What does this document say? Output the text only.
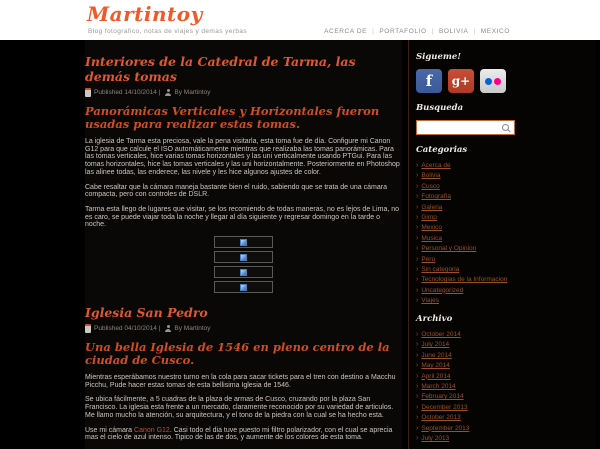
Martintoy
Blog fotografico, notas de viajes y demas yerbas	ACERCA DE | PORTAFOLIO | BOLIVIA | MEXICO
Interiores de la Catedral de Tarma, las demás tomas
Published 14/10/2014 | By Martintoy
Panorámicas Verticales y Horizontales fueron usadas para realizar estas tomas.

La iglesia de Tarma esta preciosa, vale la pena visitarla, esta toma fue de día. Configure mi Canon G12 para que calcule el ISO automáticamente mientras que realizaba las tomas panorámicas. Para las tomas verticales, hice varias tomas horizontales y las uni verticalmente usando PTGui. Para las tomas horizontales, hice las tomas verticales y las uni horizontalmente. Posteriormente en Photoshop las alinee todas, las enderece, las nivele y les hice algunos ajustes de color.

Cabe resaltar que la cámara maneja bastante bien el ruido, sabiendo que se trata de una cámara compacta, pero con controles de DSLR.

Tarma esta llego de lugares que visitar, se los recomiendo de todas maneras, no es lejos de Lima, no es caro, se puede viajar toda la noche y llegar al día siguiente y regresar domingo en la tarde o noche.

Iglesia San Pedro
Published 04/10/2014 | By Martintoy
Una bella Iglesia de 1546 en pleno centro de la ciudad de Cusco.

Mientras esperábamos nuestro turno en la cola para sacar tickets para el tren con destino a Macchu Picchu, Pude hacer estas tomas de esta bellisima Iglesia de 1546.

Se ubica fácilmente, a 5 cuadras de la plaza de armas de Cusco, cruzando por la plaza San Francisco. La iglesia esta frente a un mercado, claramente reconocido por su variedad de articulos. Me llamo mucho la atención, su arquitectura, y el tono de la piedra con la cual se ha hecho esta.

Use mi cámara Canon G12. Casi todo el dia tuve puesto mi filtro polarizador, con el cual se aprecia mas el cielo de azul intenso. Tipico de las de dos, y aumente de los colores de esta toma.

Sigueme!
f g+
Busqueda
Categorias
› Acerca de
› Bolivia
› Cusco
› Fotografía
› Galeria
› Gimp
› Mexico
› Musica
› Personal y Opinion
› Peru
› Sin categoria
› Tecnologias de la Informacion
› Uncategorized
› Viajes
Archivo
› October 2014
› July 2014
› June 2014
› May 2014
› April 2014
› March 2014
› February 2014
› December 2013
› October 2013
› September 2013
› July 2013
